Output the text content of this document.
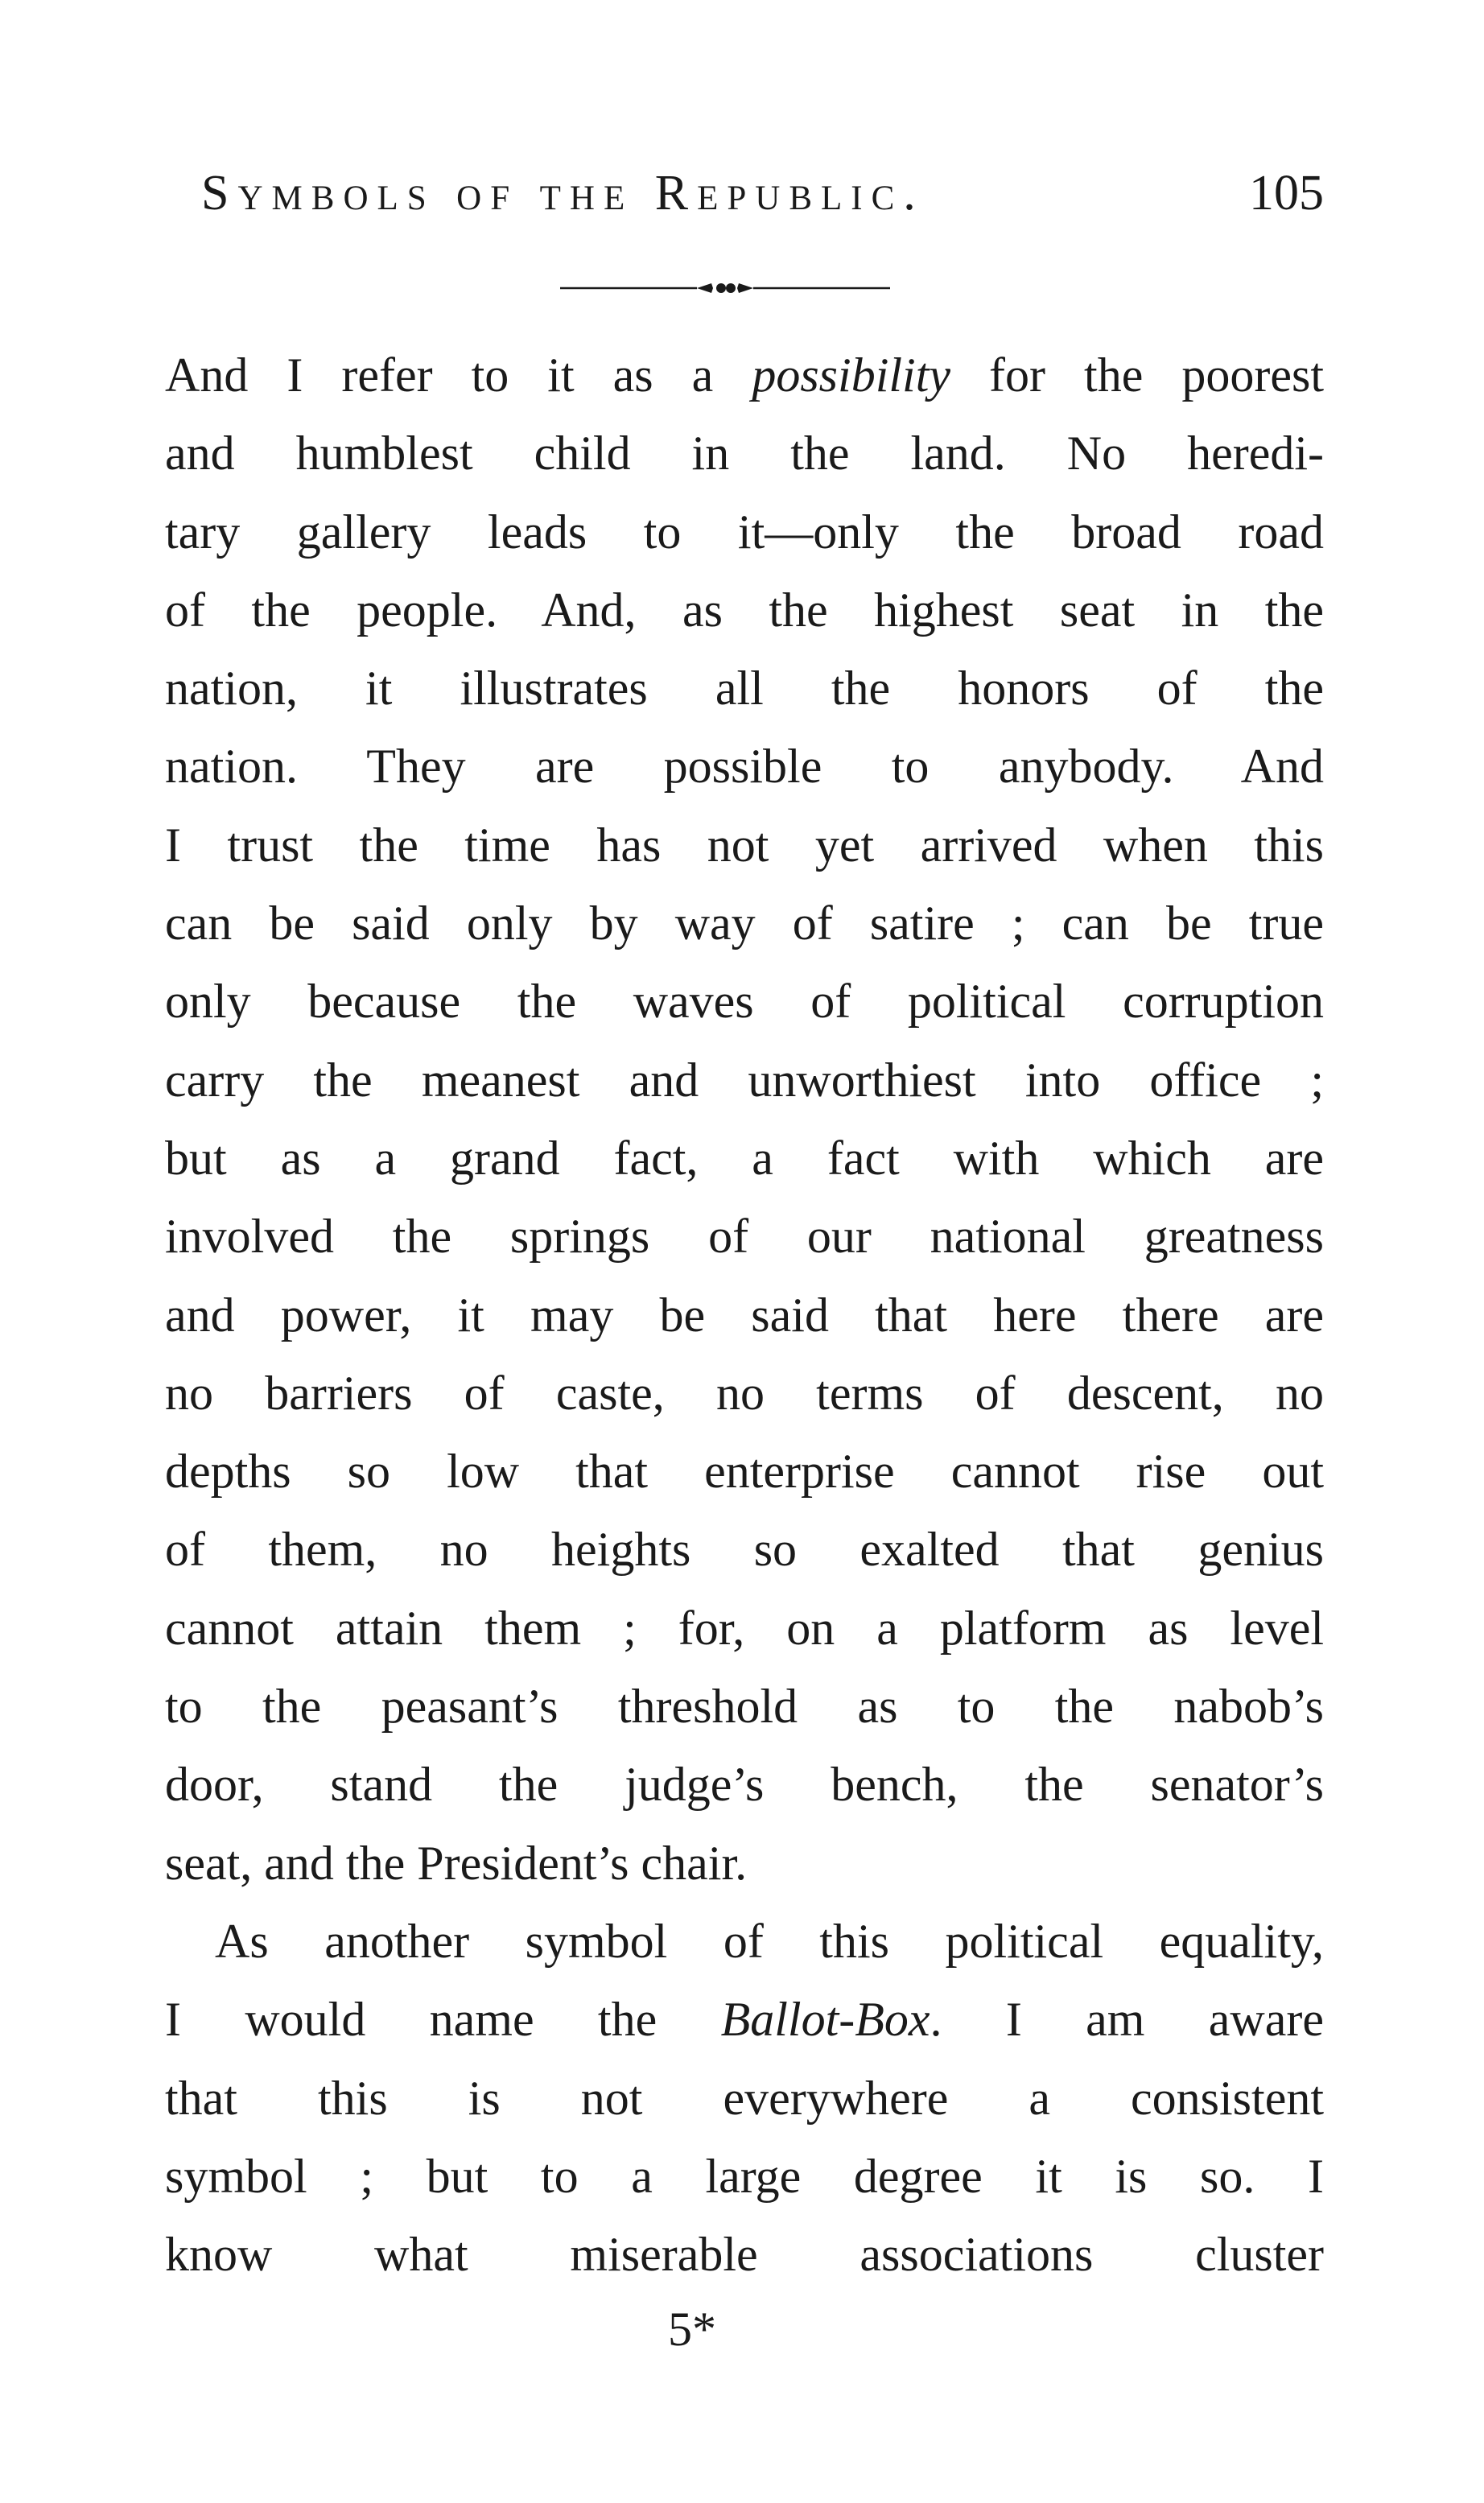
Symbols of the Republic.	105
And I refer to it as a possibility for the poorest
and humblest child in the land. No heredi-
tary gallery leads to it—only the broad road
of the people. And, as the highest seat in the
nation, it illustrates all the honors of the
nation. They are possible to anybody. And
I trust the time has not yet arrived when this
can be said only by way of satire ; can be true
only because the waves of political corruption
carry the meanest and unworthiest into office ;
but as a grand fact, a fact with which are
involved the springs of our national greatness
and power, it may be said that here there are
no barriers of caste, no terms of descent, no
depths so low that enterprise cannot rise out
of them, no heights so exalted that genius
cannot attain them ; for, on a platform as level
to the peasant’s threshold as to the nabob’s
door, stand the judge’s bench, the senator’s
seat, and the President’s chair.
As another symbol of this political equality,
I would name the Ballot-Box. I am aware
that this is not everywhere a consistent
symbol ; but to a large degree it is so. I
know what miserable associations cluster
5*
